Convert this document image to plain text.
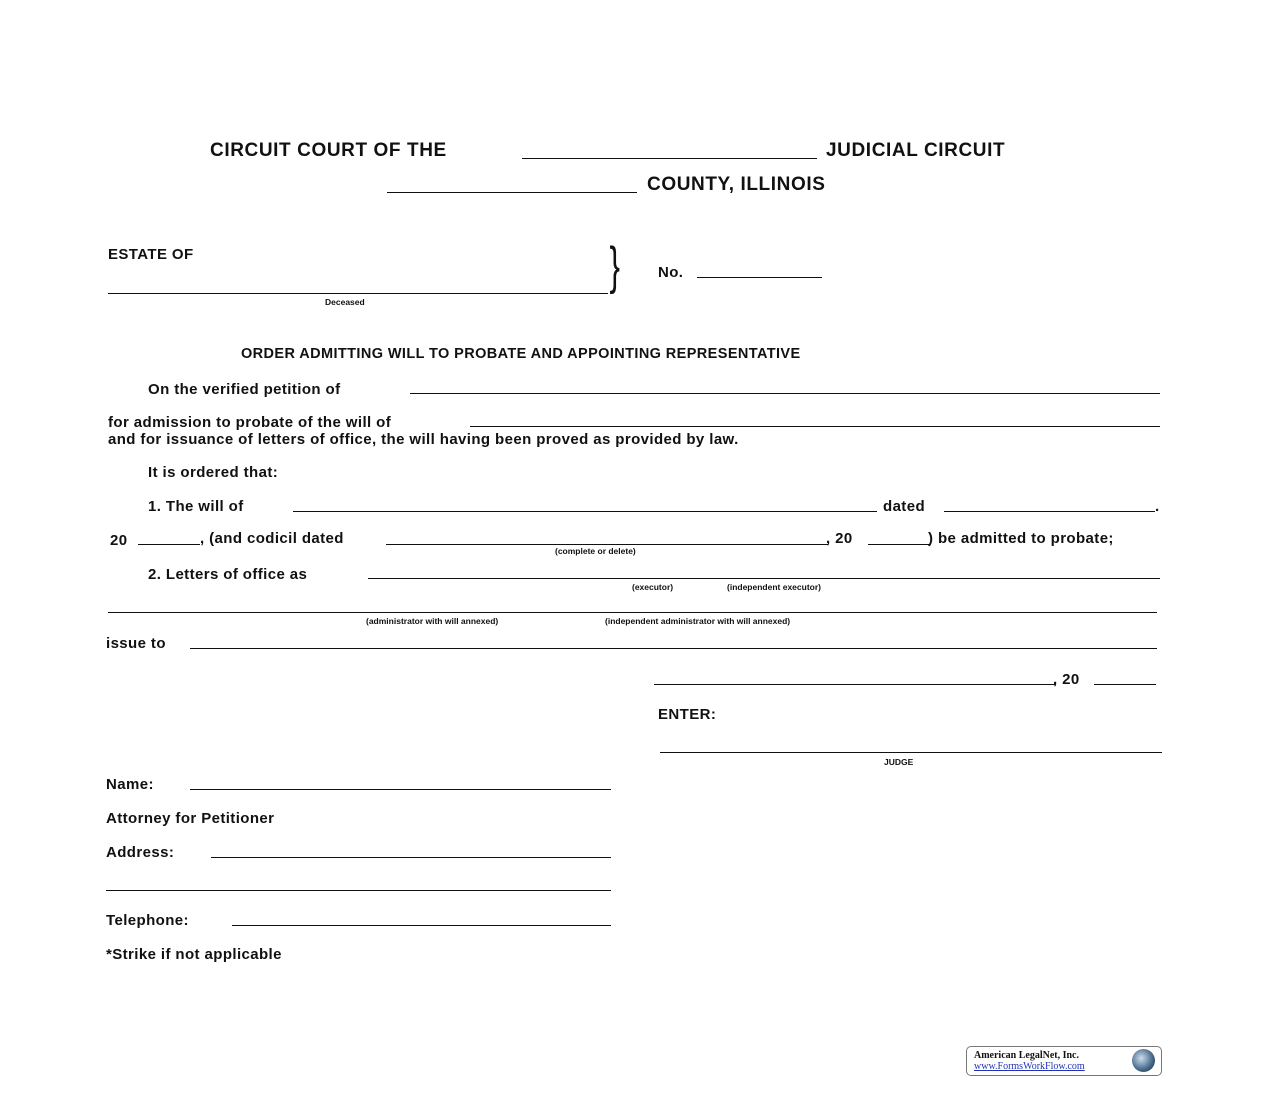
CIRCUIT COURT OF THE	JUDICIAL CIRCUIT
COUNTY, ILLINOIS
ESTATE OF
Deceased
}	No.
ORDER ADMITTING WILL TO PROBATE AND APPOINTING REPRESENTATIVE
On the verified petition of
for admission to probate of the will of
and for issuance of letters of office, the will having been proved as provided by law.
It is ordered that:
1. The will of	dated	.
20	, (and codicil dated
(complete or delete)
, 20	) be admitted to probate;
2. Letters of office as
(executor)	(independent executor)
(administrator with will annexed)	(independent administrator with will annexed)
issue to
, 20
ENTER:
JUDGE
Name:
Attorney for Petitioner
Address:
Telephone:
*Strike if not applicable
American LegalNet, Inc.
www.FormsWorkFlow.com
